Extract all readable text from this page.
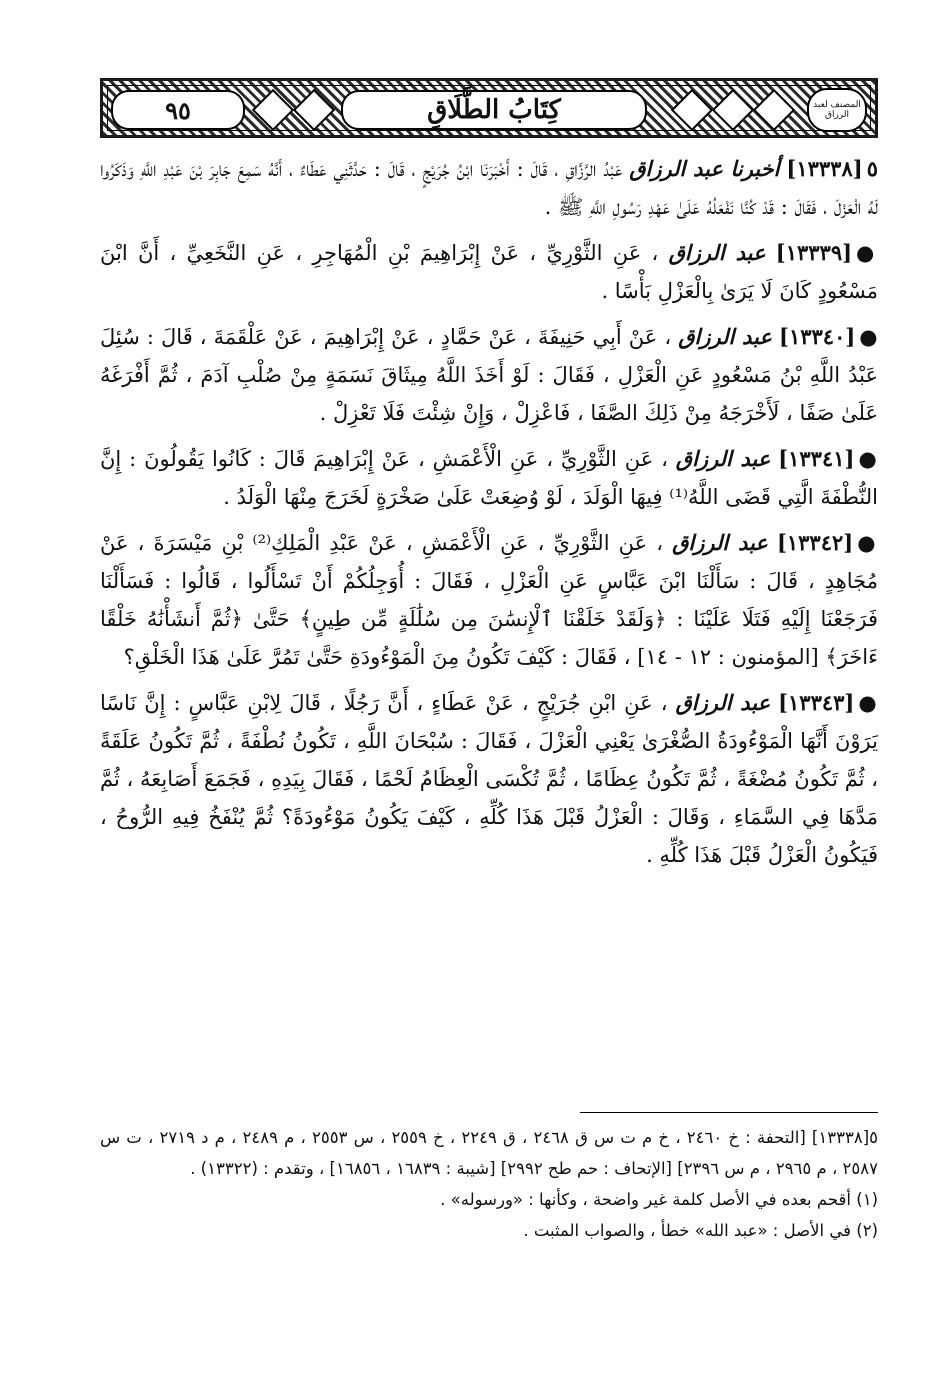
٩٥	كِتَابُ الطَّلَاقِ	المصنف لعبد الرزاق

٥[١٣٣٣٨] أخبرنا عبد الرزاق عَبْدُ الرَّزَّاقِ ، قَالَ : أَخْبَرَنَا ابْنُ جُرَيْجٍ ، قَالَ : حَدَّثَنِي عَطَاءٌ ، أَنَّهُ سَمِعَ جَابِرَ بْنَ عَبْدِ اللَّهِ وَذَكَرُوا لَهُ الْعَزْلَ ، فَقَالَ : قَدْ كُنَّا نَفْعَلُهُ عَلَىٰ عَهْدِ رَسُولِ اللَّهِ ﷺ .

●[١٣٣٣٩] عبد الرزاق ، عَنِ الثَّوْرِيِّ ، عَنْ إِبْرَاهِيمَ بْنِ الْمُهَاجِرِ ، عَنِ النَّخَعِيِّ ، أَنَّ ابْنَ مَسْعُودٍ كَانَ لَا يَرَىٰ بِالْعَزْلِ بَأْسًا .

●[١٣٣٤٠] عبد الرزاق ، عَنْ أَبِي حَنِيفَةَ ، عَنْ حَمَّادٍ ، عَنْ إِبْرَاهِيمَ ، عَنْ عَلْقَمَةَ ، قَالَ : سُئِلَ عَبْدُ اللَّهِ بْنُ مَسْعُودٍ عَنِ الْعَزْلِ ، فَقَالَ : لَوْ أَخَذَ اللَّهُ مِيثَاقَ نَسَمَةٍ مِنْ صُلْبِ آدَمَ ، ثُمَّ أَفْرَغَهُ عَلَىٰ صَفًا ، لَأَخْرَجَهُ مِنْ ذَلِكَ الصَّفَا ، فَاعْزِلْ ، وَإِنْ شِئْتَ فَلَا تَعْزِلْ .

●[١٣٣٤١] عبد الرزاق ، عَنِ الثَّوْرِيِّ ، عَنِ الْأَعْمَشِ ، عَنْ إِبْرَاهِيمَ قَالَ : كَانُوا يَقُولُونَ : إِنَّ النُّطْفَةَ الَّتِي قَضَى اللَّهُ⁽¹⁾ فِيهَا الْوَلَدَ ، لَوْ وُضِعَتْ عَلَىٰ صَخْرَةٍ لَخَرَجَ مِنْهَا الْوَلَدُ .

●[١٣٣٤٢] عبد الرزاق ، عَنِ الثَّوْرِيِّ ، عَنِ الْأَعْمَشِ ، عَنْ عَبْدِ الْمَلِكِ⁽²⁾ بْنِ مَيْسَرَةَ ، عَنْ مُجَاهِدٍ ، قَالَ : سَأَلْنَا ابْنَ عَبَّاسٍ عَنِ الْعَزْلِ ، فَقَالَ : أُوَجِلُكُمْ أَنْ تَسْأَلُوا ، قَالُوا : فَسَأَلْنَا فَرَجَعْنَا إِلَيْهِ فَتَلَا عَلَيْنَا : ﴿وَلَقَدْ خَلَقْنَا ٱلْإِنسَٰنَ مِن سُلَٰلَةٍ مِّن طِينٍ﴾ حَتَّىٰ ﴿ثُمَّ أَنشَأْنَٰهُ خَلْقًا ءَاخَرَ﴾ [المؤمنون : ١٢ - ١٤] ، فَقَالَ : كَيْفَ تَكُونُ مِنَ الْمَوْءُودَةِ حَتَّىٰ تَمُرَّ عَلَىٰ هَذَا الْخَلْقِ؟

●[١٣٣٤٣] عبد الرزاق ، عَنِ ابْنِ جُرَيْجٍ ، عَنْ عَطَاءٍ ، أَنَّ رَجُلًا ، قَالَ لِابْنِ عَبَّاسٍ : إِنَّ نَاسًا يَرَوْنَ أَنَّهَا الْمَوْءُودَةُ الصُّغْرَىٰ يَعْنِي الْعَزْلَ ، فَقَالَ : سُبْحَانَ اللَّهِ ، تَكُونُ نُطْفَةً ، ثُمَّ تَكُونُ عَلَقَةً ، ثُمَّ تَكُونُ مُضْغَةً ، ثُمَّ تَكُونُ عِظَامًا ، ثُمَّ تُكْسَى الْعِظَامُ لَحْمًا ، فَقَالَ بِيَدِهِ ، فَجَمَعَ أَصَابِعَهُ ، ثُمَّ مَدَّهَا فِي السَّمَاءِ ، وَقَالَ : الْعَزْلُ قَبْلَ هَذَا كُلِّهِ ، كَيْفَ يَكُونُ مَوْءُودَةً؟ ثُمَّ يُنْفَخُ فِيهِ الرُّوحُ ، فَيَكُونُ الْعَزْلُ قَبْلَ هَذَا كُلِّهِ .

٥[١٣٣٣٨] [التحفة : خ ٢٤٦٠ ، خ م ت س ق ٢٤٦٨ ، ق ٢٢٤٩ ، خ ٢٥٥٩ ، س ٢٥٥٣ ، م ٢٤٨٩ ، م د ٢٧١٩ ، ت س ٢٥٨٧ ، م ٢٩٦٥ ، م س ٢٣٩٦] [الإتحاف : حم طح ٢٩٩٢] [شيبة : ١٦٨٣٩ ، ١٦٨٥٦] ، وتقدم : (١٣٣٢٢) .

(١) أقحم بعده في الأصل كلمة غير واضحة ، وكأنها : «ورسوله» .

(٢) في الأصل : «عبد الله» خطأ ، والصواب المثبت .
